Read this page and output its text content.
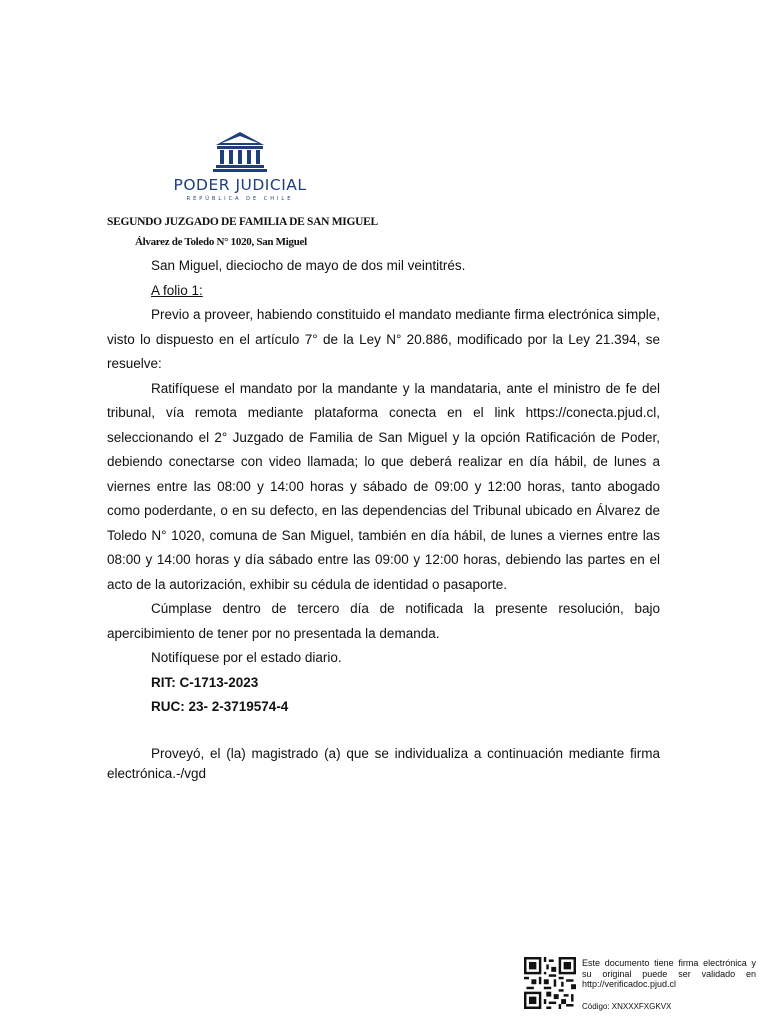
PODER JUDICIAL
REPÚBLICA DE CHILE
SEGUNDO JUZGADO DE FAMILIA DE SAN MIGUEL
Álvarez de Toledo N° 1020, San Miguel

San Miguel, dieciocho de mayo de dos mil veintitrés.

A folio 1:

Previo a proveer, habiendo constituido el mandato mediante firma electrónica simple, visto lo dispuesto en el artículo 7° de la Ley N° 20.886, modificado por la Ley 21.394, se resuelve:

Ratifíquese el mandato por la mandante y la mandataria, ante el ministro de fe del tribunal, vía remota mediante plataforma conecta en el link https://conecta.pjud.cl, seleccionando el 2° Juzgado de Familia de San Miguel y la opción Ratificación de Poder, debiendo conectarse con video llamada; lo que deberá realizar en día hábil, de lunes a viernes entre las 08:00 y 14:00 horas y sábado de 09:00 y 12:00 horas, tanto abogado como poderdante, o en su defecto, en las dependencias del Tribunal ubicado en Álvarez de Toledo N° 1020, comuna de San Miguel, también en día hábil, de lunes a viernes entre las 08:00 y 14:00 horas y día sábado entre las 09:00 y 12:00 horas, debiendo las partes en el acto de la autorización, exhibir su cédula de identidad o pasaporte.

Cúmplase dentro de tercero día de notificada la presente resolución, bajo apercibimiento de tener por no presentada la demanda.

Notifíquese por el estado diario.

RIT: C-1713-2023

RUC: 23- 2-3719574-4

Proveyó, el (la) magistrado (a) que se individualiza a continuación mediante firma electrónica.-/vgd

Este documento tiene firma electrónica y su original puede ser validado en http://verificadoc.pjud.cl
Código: XNXXXFXGKVX
